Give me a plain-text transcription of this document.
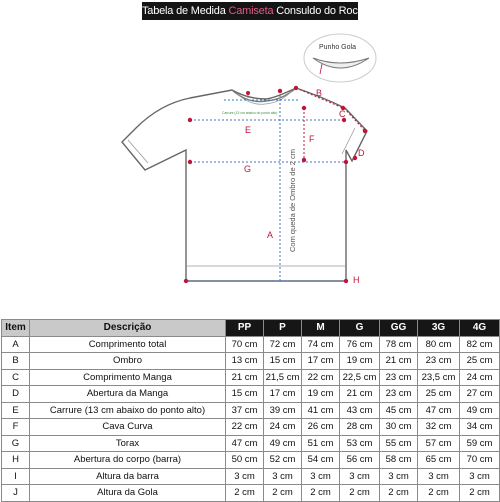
Tabela de Medida Camiseta Consuldo do Rock
B
C
D
E
F
G
A
H
Carrure (13 cm abaixo do ponto alto)
Com queda de Ombro de 2 cm
Punho Gola
Item	Descrição	PP	P	M	G	GG	3G	4G
A	Comprimento total	70 cm	72 cm	74 cm	76 cm	78 cm	80 cm	82 cm
B	Ombro	13 cm	15 cm	17 cm	19 cm	21 cm	23 cm	25 cm
C	Comprimento Manga	21 cm	21,5 cm	22 cm	22,5 cm	23 cm	23,5 cm	24 cm
D	Abertura da Manga	15 cm	17 cm	19 cm	21 cm	23 cm	25 cm	27 cm
E	Carrure (13 cm abaixo do ponto alto)	37 cm	39 cm	41 cm	43 cm	45 cm	47 cm	49 cm
F	Cava Curva	22 cm	24 cm	26 cm	28 cm	30 cm	32 cm	34 cm
G	Torax	47 cm	49 cm	51 cm	53 cm	55 cm	57 cm	59 cm
H	Abertura do corpo (barra)	50 cm	52 cm	54 cm	56 cm	58 cm	65 cm	70 cm
I	Altura da barra	3 cm	3 cm	3 cm	3 cm	3 cm	3 cm	3 cm
J	Altura da Gola	2 cm	2 cm	2 cm	2 cm	2 cm	2 cm	2 cm
